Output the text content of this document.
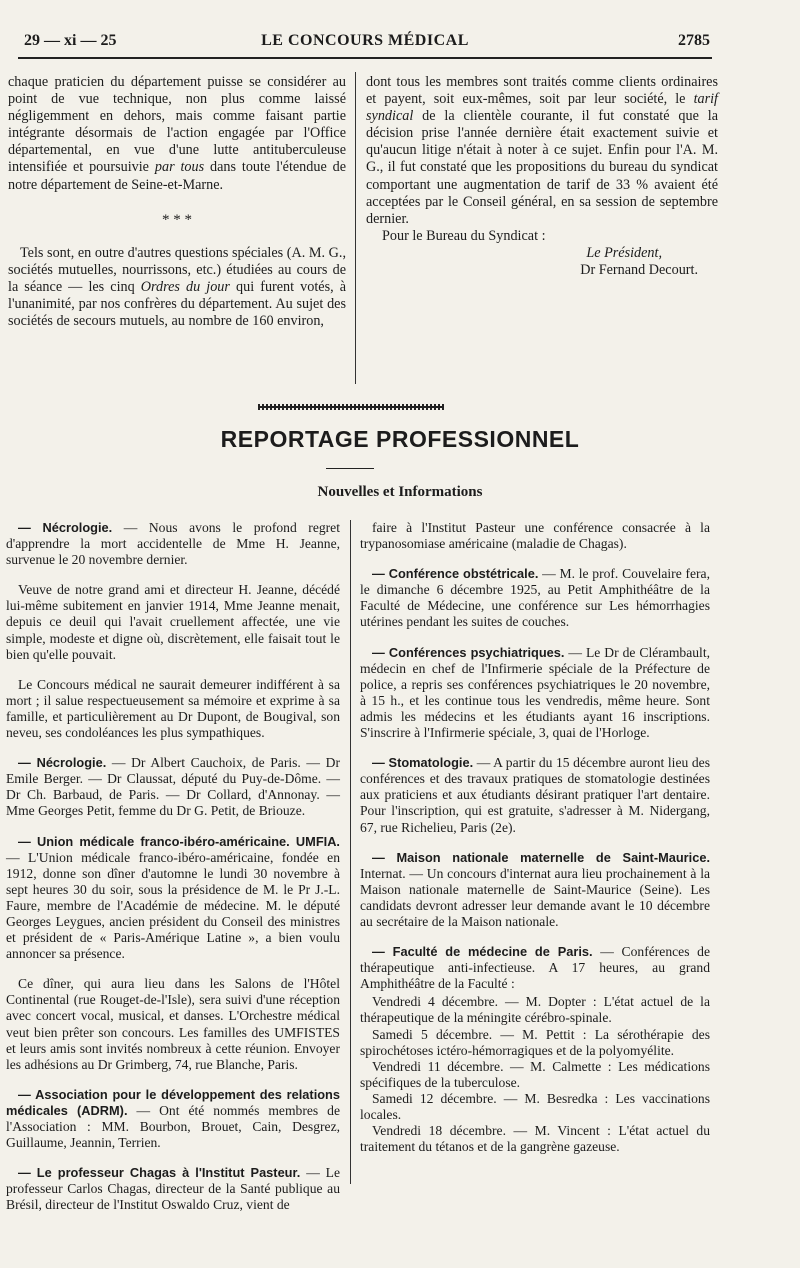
29 — xi — 25	LE CONCOURS MÉDICAL	2785

chaque praticien du département puisse se considérer au point de vue technique, non plus comme laissé négligemment en dehors, mais comme faisant partie intégrante désormais de l'action engagée par l'Office départemental, en vue d'une lutte antituberculeuse intensifiée et poursuivie par tous dans toute l'étendue de notre département de Seine-et-Marne.

* * *

Tels sont, en outre d'autres questions spéciales (A. M. G., sociétés mutuelles, nourrissons, etc.) étudiées au cours de la séance — les cinq Ordres du jour qui furent votés, à l'unanimité, par nos confrères du département. Au sujet des sociétés de secours mutuels, au nombre de 160 environ,

dont tous les membres sont traités comme clients ordinaires et payent, soit eux-mêmes, soit par leur société, le tarif syndical de la clientèle courante, il fut constaté que la décision prise l'année dernière était exactement suivie et qu'aucun litige n'était à noter à ce sujet. Enfin pour l'A. M. G., il fut constaté que les propositions du bureau du syndicat comportant une augmentation de tarif de 33 % avaient été acceptées par le Conseil général, en sa session de septembre dernier.

Pour le Bureau du Syndicat :

Le Président,

Dr Fernand Decourt.

REPORTAGE PROFESSIONNEL
Nouvelles et Informations

— Nécrologie. — Nous avons le profond regret d'apprendre la mort accidentelle de Mme H. Jeanne, survenue le 20 novembre dernier.

Veuve de notre grand ami et directeur H. Jeanne, décédé lui-même subitement en janvier 1914, Mme Jeanne menait, depuis ce deuil qui l'avait cruellement affectée, une vie simple, modeste et digne où, discrètement, elle faisait tout le bien qu'elle pouvait.

Le Concours médical ne saurait demeurer indifférent à sa mort ; il salue respectueusement sa mémoire et exprime à sa famille, et particulièrement au Dr Dupont, de Bougival, son neveu, ses condoléances les plus sympathiques.

— Nécrologie. — Dr Albert Cauchoix, de Paris. — Dr Emile Berger. — Dr Claussat, député du Puy-de-Dôme. — Dr Ch. Barbaud, de Paris. — Dr Collard, d'Annonay. — Mme Georges Petit, femme du Dr G. Petit, de Briouze.

— Union médicale franco-ibéro-américaine. UMFIA. — L'Union médicale franco-ibéro-américaine, fondée en 1912, donne son dîner d'automne le lundi 30 novembre à sept heures 30 du soir, sous la présidence de M. le Pr J.-L. Faure, membre de l'Académie de médecine. M. le député Georges Leygues, ancien président du Conseil des ministres et président de « Paris-Amérique Latine », a bien voulu annoncer sa présence.

Ce dîner, qui aura lieu dans les Salons de l'Hôtel Continental (rue Rouget-de-l'Isle), sera suivi d'une réception avec concert vocal, musical, et danses. L'Orchestre médical veut bien prêter son concours. Les familles des UMFISTES et leurs amis sont invités nombreux à cette réunion. Envoyer les adhésions au Dr Grimberg, 74, rue Blanche, Paris.

— Association pour le développement des relations médicales (ADRM). — Ont été nommés membres de l'Association : MM. Bourbon, Brouet, Cain, Desgrez, Guillaume, Jeannin, Terrien.

— Le professeur Chagas à l'Institut Pasteur. — Le professeur Carlos Chagas, directeur de la Santé publique au Brésil, directeur de l'Institut Oswaldo Cruz, vient de

faire à l'Institut Pasteur une conférence consacrée à la trypanosomiase américaine (maladie de Chagas).

— Conférence obstétricale. — M. le prof. Couvelaire fera, le dimanche 6 décembre 1925, au Petit Amphithéâtre de la Faculté de Médecine, une conférence sur Les hémorrhagies utérines pendant les suites de couches.

— Conférences psychiatriques. — Le Dr de Clérambault, médecin en chef de l'Infirmerie spéciale de la Préfecture de police, a repris ses conférences psychiatriques le 20 novembre, à 15 h., et les continue tous les vendredis, même heure. Sont admis les médecins et les étudiants ayant 16 inscriptions. S'inscrire à l'Infirmerie spéciale, 3, quai de l'Horloge.

— Stomatologie. — A partir du 15 décembre auront lieu des conférences et des travaux pratiques de stomatologie destinées aux praticiens et aux étudiants désirant pratiquer l'art dentaire. Pour l'inscription, qui est gratuite, s'adresser à M. Nidergang, 67, rue Richelieu, Paris (2e).

— Maison nationale maternelle de Saint-Maurice. Internat. — Un concours d'internat aura lieu prochainement à la Maison nationale maternelle de Saint-Maurice (Seine). Les candidats devront adresser leur demande avant le 10 décembre au secrétaire de la Maison nationale.

— Faculté de médecine de Paris. — Conférences de thérapeutique anti-infectieuse. A 17 heures, au grand Amphithéâtre de la Faculté :

Vendredi 4 décembre. — M. Dopter : L'état actuel de la thérapeutique de la méningite cérébro-spinale.

Samedi 5 décembre. — M. Pettit : La sérothérapie des spirochétoses ictéro-hémorragiques et de la polyomyélite.

Vendredi 11 décembre. — M. Calmette : Les médications spécifiques de la tuberculose.

Samedi 12 décembre. — M. Besredka : Les vaccinations locales.

Vendredi 18 décembre. — M. Vincent : L'état actuel du traitement du tétanos et de la gangrène gazeuse.
